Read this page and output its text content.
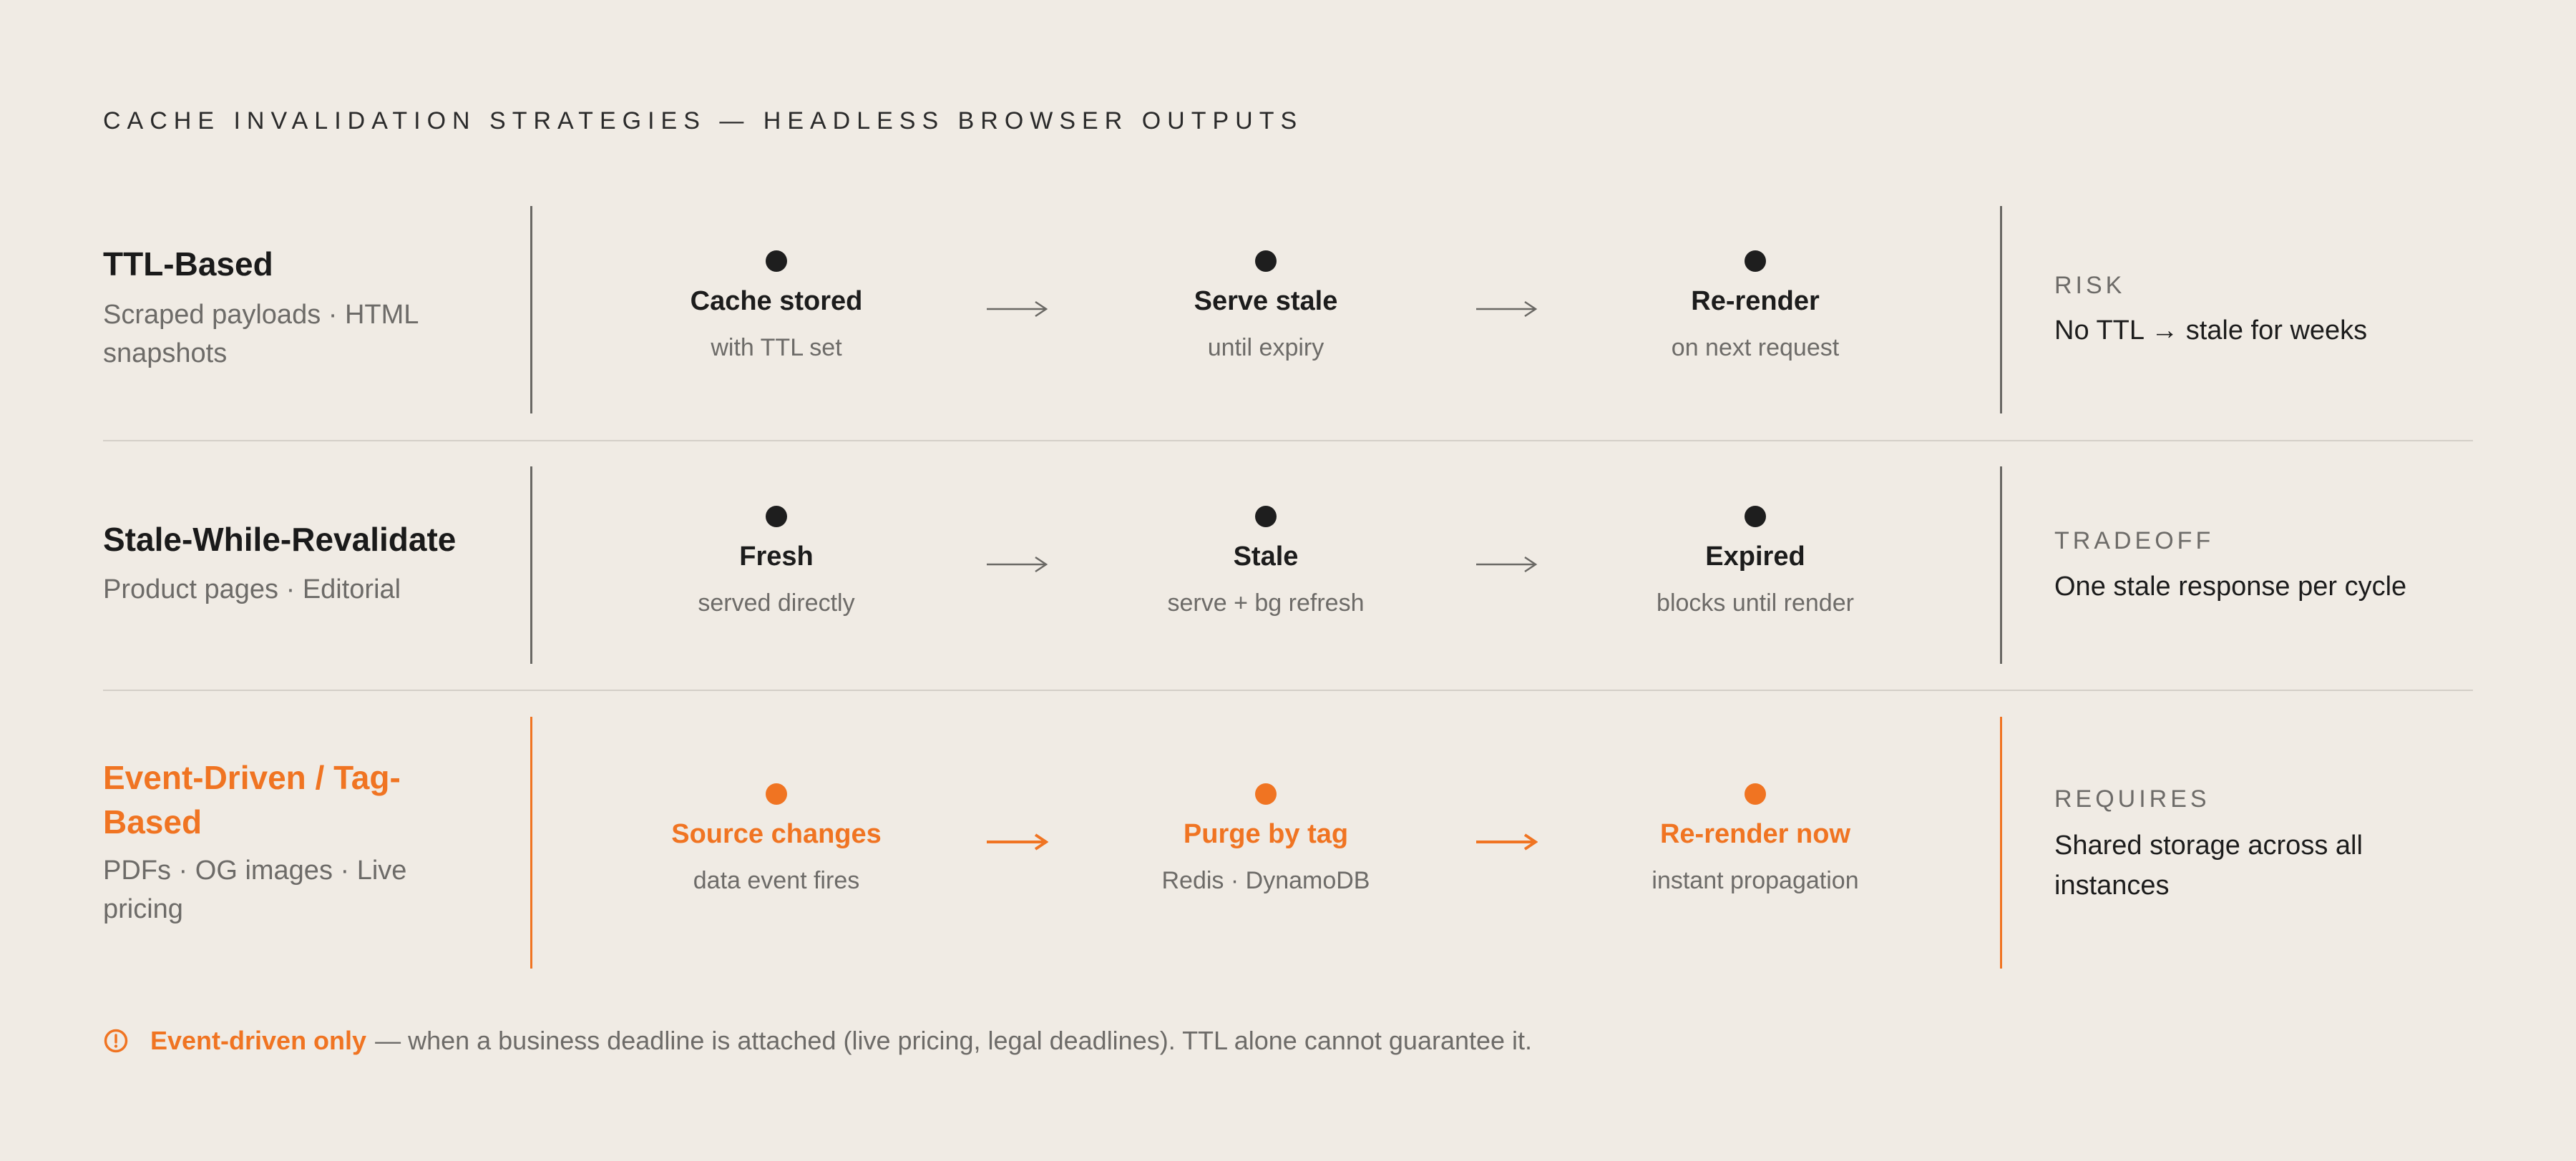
CACHE INVALIDATION STRATEGIES — HEADLESS BROWSER OUTPUTS
TTL-Based
Scraped payloads · HTML snapshots
Cache stored
with TTL set
Serve stale
until expiry
Re-render
on next request
RISK
No TTL → stale for weeks
Stale-While-Revalidate
Product pages · Editorial
Fresh
served directly
Stale
serve + bg refresh
Expired
blocks until render
TRADEOFF
One stale response per cycle
Event-Driven / Tag-Based
PDFs · OG images · Live pricing
Source changes
data event fires
Purge by tag
Redis · DynamoDB
Re-render now
instant propagation
REQUIRES
Shared storage across all instances
Event-driven only — when a business deadline is attached (live pricing, legal deadlines). TTL alone cannot guarantee it.
